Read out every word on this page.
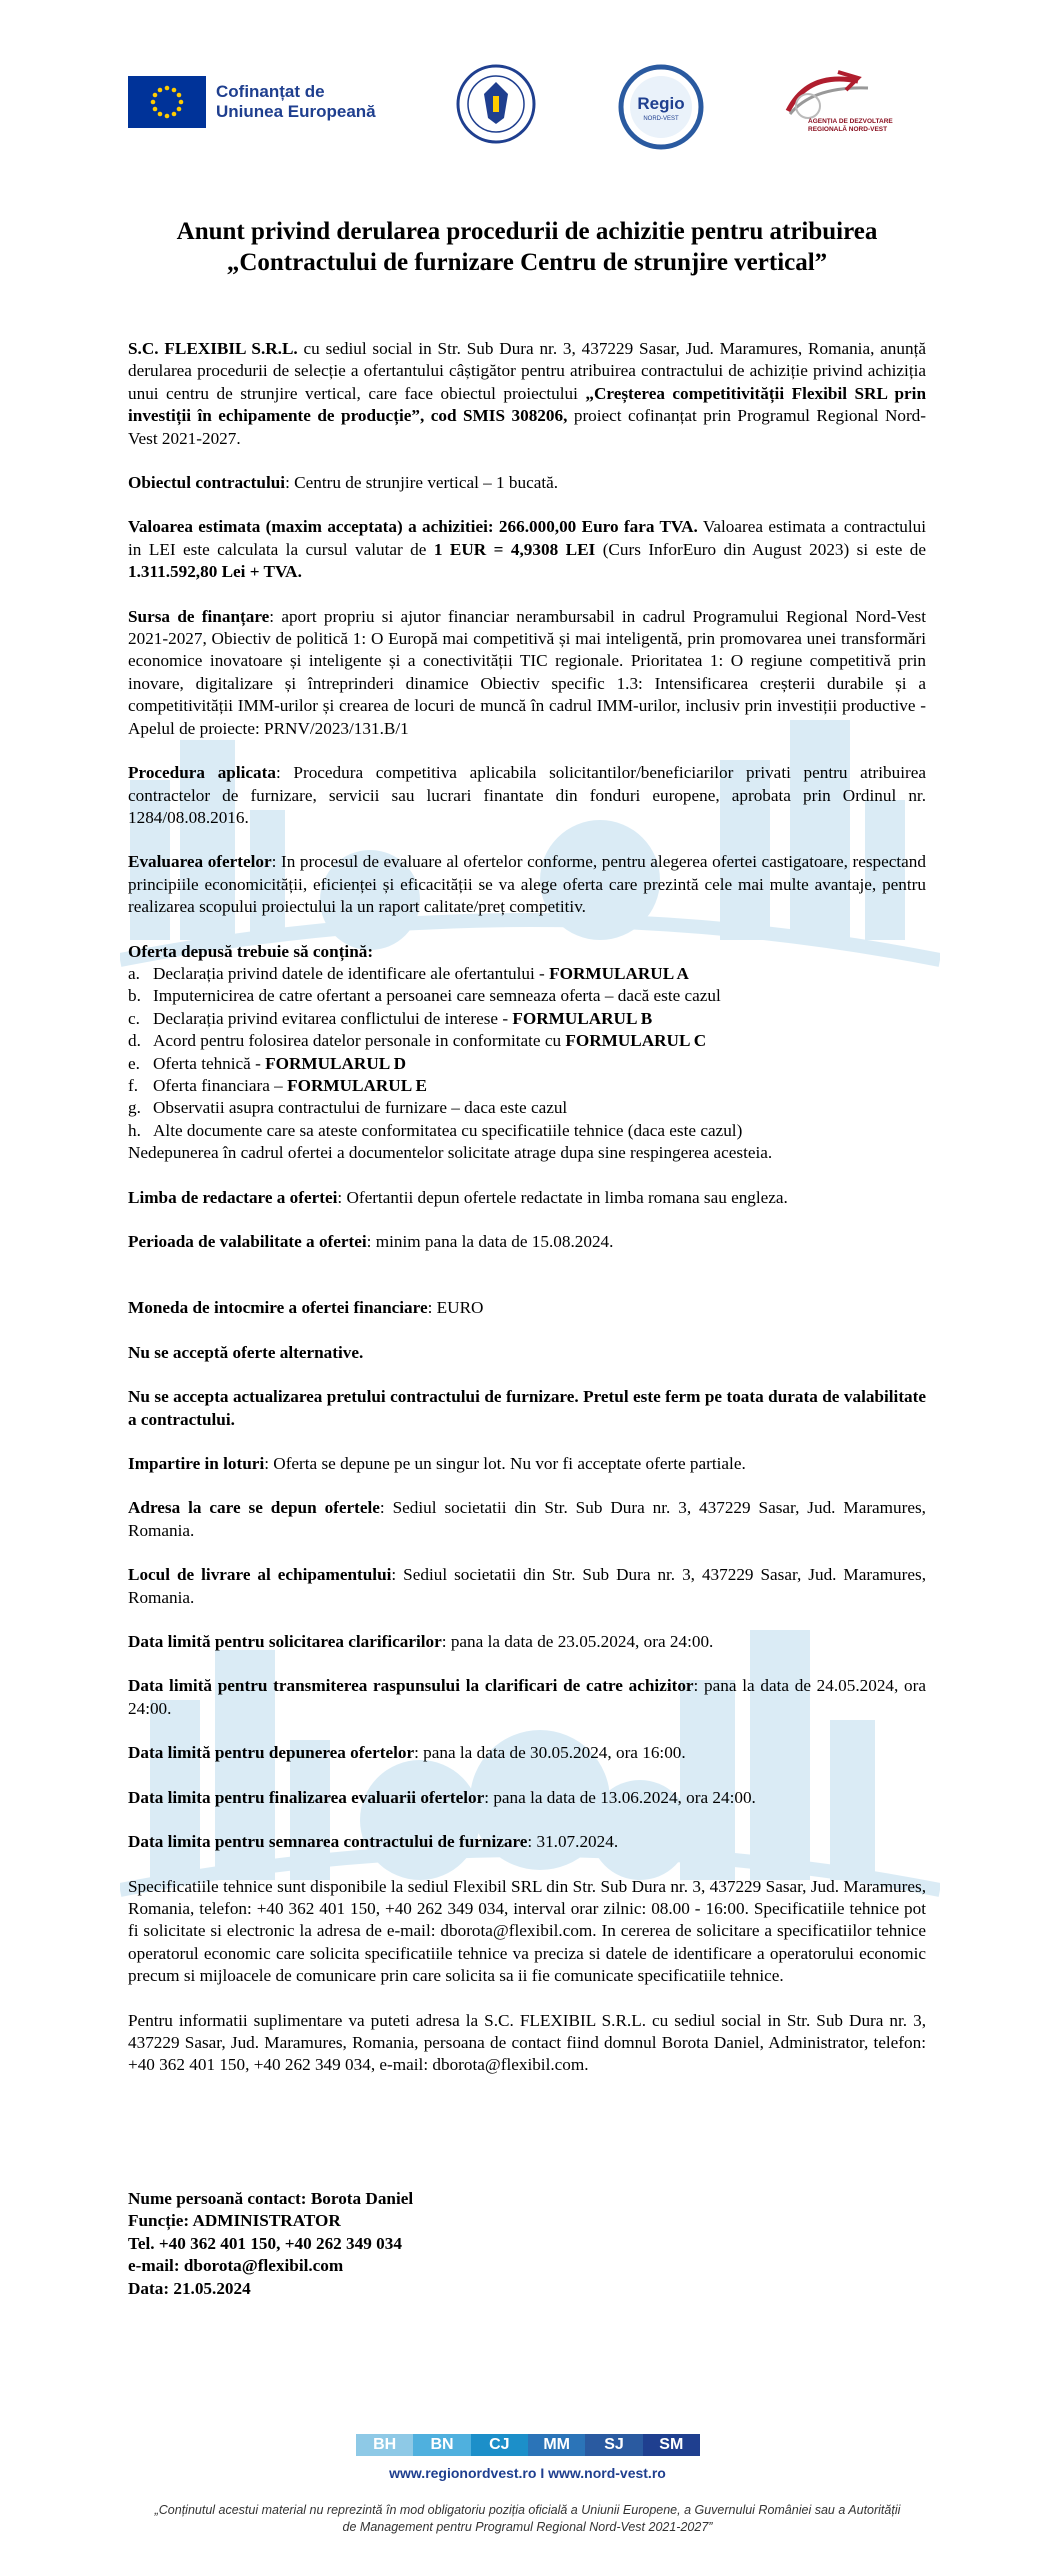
Cofinanțat de
Uniunea Europeană	Regio
NORD-VEST	AGENȚIA DE DEZVOLTARE REGIONALĂ NORD-VEST
Anunt privind derularea procedurii de achizitie pentru atribuirea
„Contractului de furnizare Centru de strunjire vertical”

S.C. FLEXIBIL S.R.L. cu sediul social in Str. Sub Dura nr. 3, 437229 Sasar, Jud. Maramures, Romania, anunță derularea procedurii de selecție a ofertantului câștigător pentru atribuirea contractului de achiziție privind achiziția unui centru de strunjire vertical, care face obiectul proiectului „Creșterea competitivității Flexibil SRL prin investiții în echipamente de producție”, cod SMIS 308206, proiect cofinanțat prin Programul Regional Nord-Vest 2021-2027.

Obiectul contractului: Centru de strunjire vertical – 1 bucată.

Valoarea estimata (maxim acceptata) a achizitiei: 266.000,00 Euro fara TVA. Valoarea estimata a contractului in LEI este calculata la cursul valutar de 1 EUR = 4,9308 LEI (Curs InforEuro din August 2023) si este de 1.311.592,80 Lei + TVA.

Sursa de finanțare: aport propriu si ajutor financiar nerambursabil in cadrul Programului Regional Nord-Vest 2021-2027, Obiectiv de politică 1: O Europă mai competitivă și mai inteligentă, prin promovarea unei transformări economice inovatoare și inteligente și a conectivității TIC regionale. Prioritatea 1: O regiune competitivă prin inovare, digitalizare și întreprinderi dinamice Obiectiv specific 1.3: Intensificarea creșterii durabile și a competitivității IMM-urilor și crearea de locuri de muncă în cadrul IMM-urilor, inclusiv prin investiții productive - Apelul de proiecte: PRNV/2023/131.B/1

Procedura aplicata: Procedura competitiva aplicabila solicitantilor/beneficiarilor privati pentru atribuirea contractelor de furnizare, servicii sau lucrari finantate din fonduri europene, aprobata prin Ordinul nr. 1284/08.08.2016.

Evaluarea ofertelor: In procesul de evaluare al ofertelor conforme, pentru alegerea ofertei castigatoare, respectand principiile economicității, eficienței și eficacității se va alege oferta care prezintă cele mai multe avantaje, pentru realizarea scopului proiectului la un raport calitate/preț competitiv.

Oferta depusă trebuie să conțină:

a. Declarația privind datele de identificare ale ofertantului - FORMULARUL A
b. Imputernicirea de catre ofertant a persoanei care semneaza oferta – dacă este cazul
c. Declarația privind evitarea conflictului de interese - FORMULARUL B
d. Acord pentru folosirea datelor personale in conformitate cu FORMULARUL C
e. Oferta tehnică - FORMULARUL D
f. Oferta financiara – FORMULARUL E
g. Observatii asupra contractului de furnizare – daca este cazul
h. Alte documente care sa ateste conformitatea cu specificatiile tehnice (daca este cazul)

Nedepunerea în cadrul ofertei a documentelor solicitate atrage dupa sine respingerea acesteia.

Limba de redactare a ofertei: Ofertantii depun ofertele redactate in limba romana sau engleza.

Perioada de valabilitate a ofertei: minim pana la data de 15.08.2024.

Moneda de intocmire a ofertei financiare: EURO

Nu se acceptă oferte alternative.

Nu se accepta actualizarea pretului contractului de furnizare. Pretul este ferm pe toata durata de valabilitate a contractului.

Impartire in loturi: Oferta se depune pe un singur lot. Nu vor fi acceptate oferte partiale.

Adresa la care se depun ofertele: Sediul societatii din Str. Sub Dura nr. 3, 437229 Sasar, Jud. Maramures, Romania.

Locul de livrare al echipamentului: Sediul societatii din Str. Sub Dura nr. 3, 437229 Sasar, Jud. Maramures, Romania.

Data limită pentru solicitarea clarificarilor: pana la data de 23.05.2024, ora 24:00.

Data limită pentru transmiterea raspunsului la clarificari de catre achizitor: pana la data de 24.05.2024, ora 24:00.

Data limită pentru depunerea ofertelor: pana la data de 30.05.2024, ora 16:00.

Data limita pentru finalizarea evaluarii ofertelor: pana la data de 13.06.2024, ora 24:00.

Data limita pentru semnarea contractului de furnizare: 31.07.2024.

Specificatiile tehnice sunt disponibile la sediul Flexibil SRL din Str. Sub Dura nr. 3, 437229 Sasar, Jud. Maramures, Romania, telefon: +40 362 401 150, +40 262 349 034, interval orar zilnic: 08.00 - 16:00. Specificatiile tehnice pot fi solicitate si electronic la adresa de e-mail: dborota@flexibil.com. In cererea de solicitare a specificatiilor tehnice operatorul economic care solicita specificatiile tehnice va preciza si datele de identificare a operatorului economic precum si mijloacele de comunicare prin care solicita sa ii fie comunicate specificatiile tehnice.

Pentru informatii suplimentare va puteti adresa la S.C. FLEXIBIL S.R.L. cu sediul social in Str. Sub Dura nr. 3, 437229 Sasar, Jud. Maramures, Romania, persoana de contact fiind domnul Borota Daniel, Administrator, telefon: +40 362 401 150, +40 262 349 034, e-mail: dborota@flexibil.com.

Nume persoană contact: Borota Daniel
Funcție: ADMINISTRATOR
Tel. +40 362 401 150, +40 262 349 034
e-mail: dborota@flexibil.com
Data: 21.05.2024
BH	BN	CJ	MM	SJ	SM
www.regionordvest.ro I www.nord-vest.ro
„Conținutul acestui material nu reprezintă în mod obligatoriu poziția oficială a Uniunii Europene, a Guvernului României sau a Autorității de Management pentru Programul Regional Nord-Vest 2021-2027”
